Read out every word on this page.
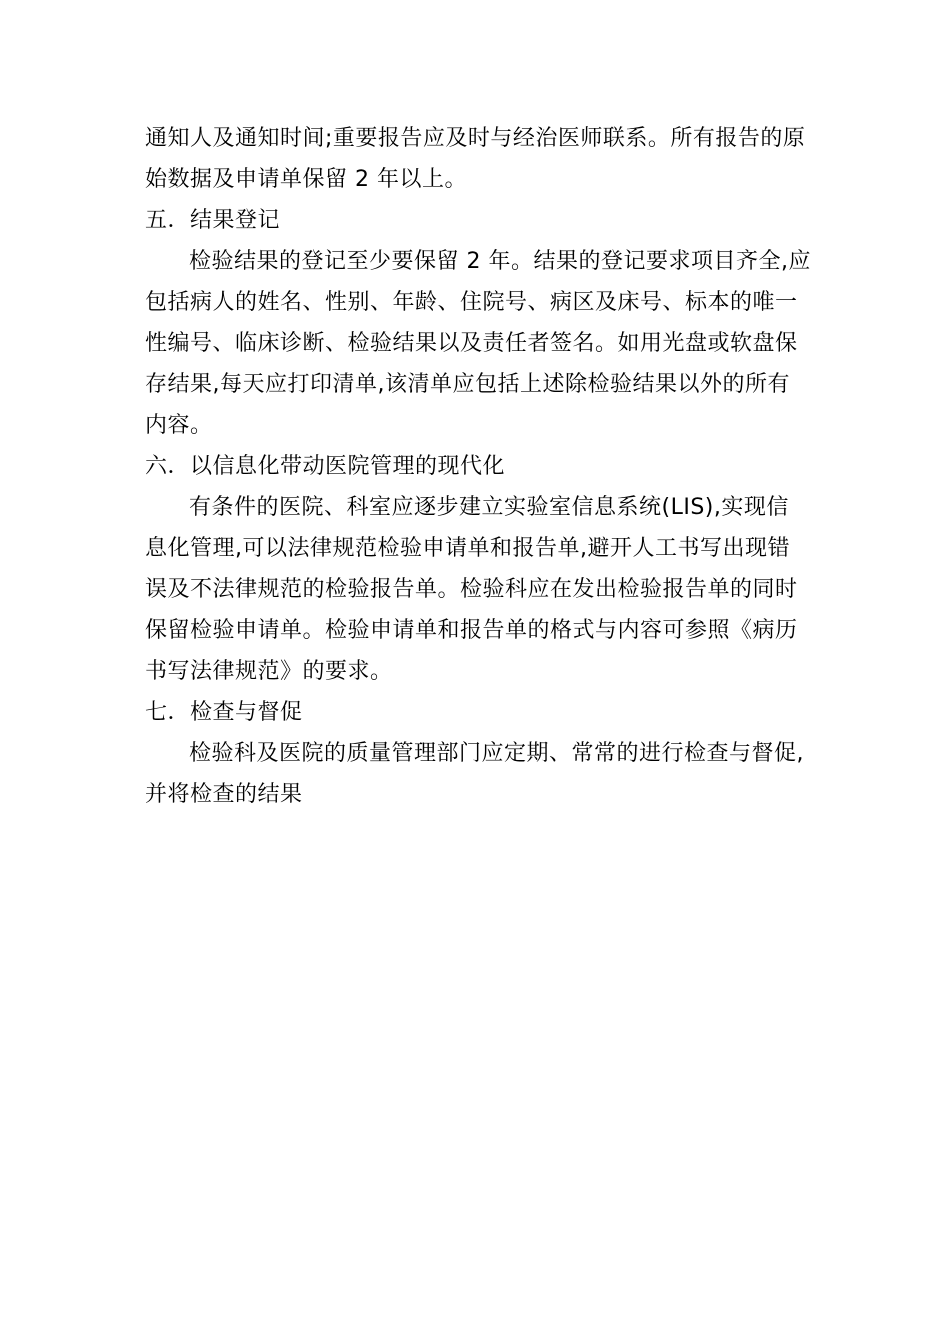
通知人及通知时间;重要报告应及时与经治医师联系。所有报告的原
始数据及申请单保留 2 年以上。
五．结果登记
检验结果的登记至少要保留 2 年。结果的登记要求项目齐全,应
包括病人的姓名、性别、年龄、住院号、病区及床号、标本的唯一
性编号、临床诊断、检验结果以及责任者签名。如用光盘或软盘保
存结果,每天应打印清单,该清单应包括上述除检验结果以外的所有
内容。
六．以信息化带动医院管理的现代化
有条件的医院、科室应逐步建立实验室信息系统(LIS),实现信
息化管理,可以法律规范检验申请单和报告单,避开人工书写出现错
误及不法律规范的检验报告单。检验科应在发出检验报告单的同时
保留检验申请单。检验申请单和报告单的格式与内容可参照《病历
书写法律规范》的要求。
七．检查与督促
检验科及医院的质量管理部门应定期、常常的进行检查与督促,
并将检查的结果
